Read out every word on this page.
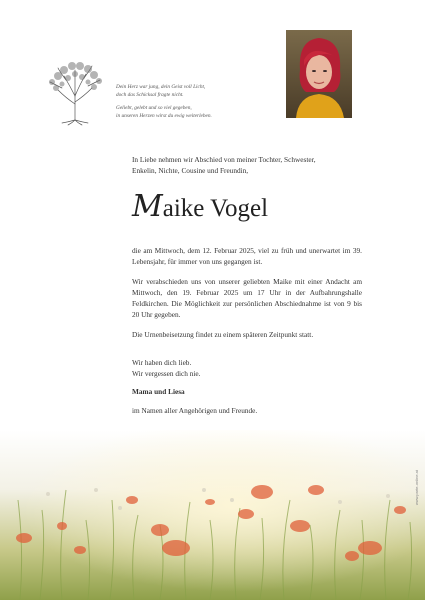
Dein Herz war jung, dein Geist voll Licht,
doch das Schicksal fragte nicht.

Geliebt, gelebt und so viel gegeben,
in unseren Herzen wirst du ewig weiterleben.

In Liebe nehmen wir Abschied von meiner Tochter, Schwester,
Enkelin, Nichte, Cousine und Freundin,
Maike Vogel

die am Mittwoch, dem 12. Februar 2025, viel zu früh und unerwartet im 39. Lebensjahr, für immer von uns gegangen ist.

Wir verabschieden uns von unserer geliebten Maike mit einer Andacht am Mittwoch, den 19. Februar 2025 um 17 Uhr in der Aufbahrungshalle Feldkirchen. Die Möglichkeit zur persönlichen Abschiednahme ist von 9 bis 20 Uhr gegeben.

Die Urnenbeisetzung findet zu einem späteren Zeitpunkt statt.

Wir haben dich lieb.
Wir vergessen dich nie.
Mama und Liesa
im Namen aller Angehörigen und Freunde.
www.parte-online.at
